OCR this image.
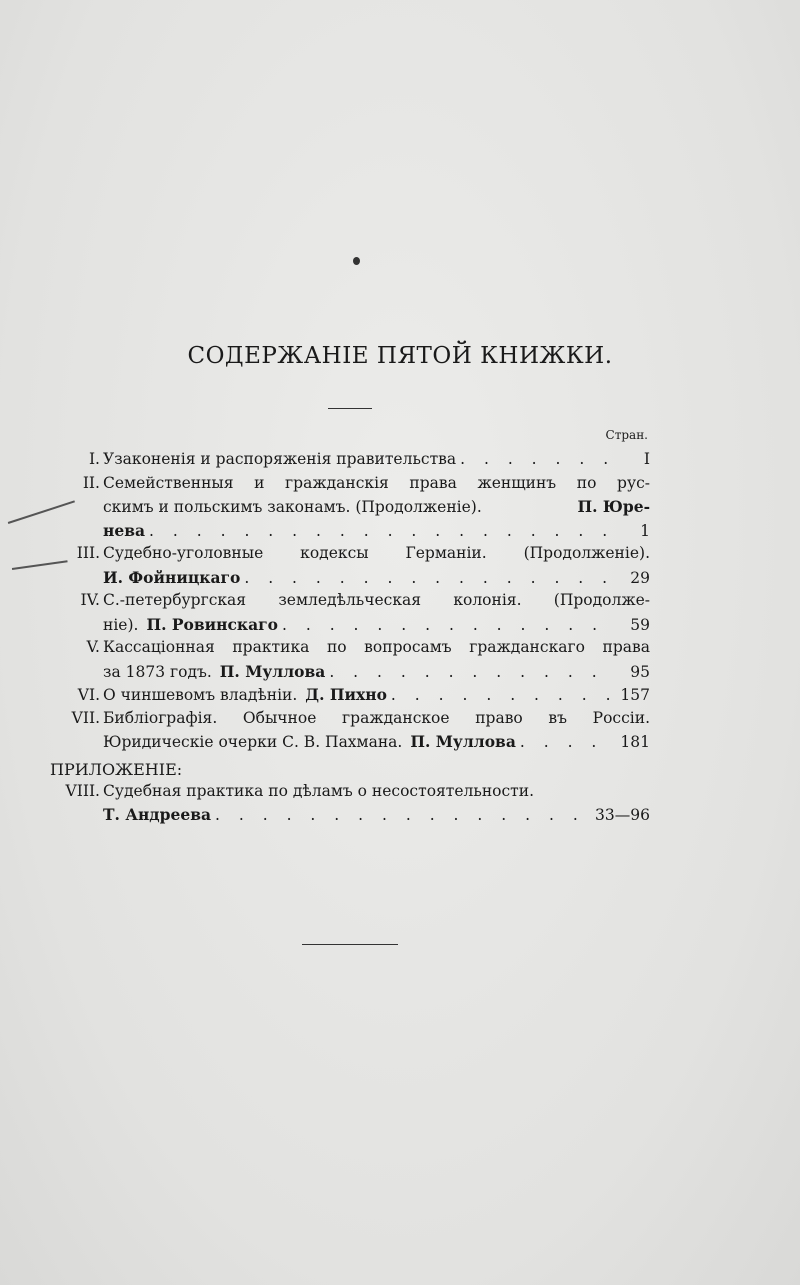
СОДЕРЖАНIЕ ПЯТОЙ КНИЖКИ.
Стран.
I. Узаконенія и распоряженія правительства . . .	I
II. Семейственныя и гражданскія права женщинъ по рус-
скимъ и польскимъ законамъ. (Продолженіе).	П. Юре-
нева . . .	1
III. Судебно-уголовные кодексы Германіи. (Продолженіе).
И. Фойницкаго . . .	29
IV. С.-петербургская земледѣльческая колонія. (Продолже-
ніе). П. Ровинскаго . . .	59
V. Кассаціонная практика по вопросамъ гражданскаго права
за 1873 годъ. П. Муллова . . .	95
VI. О чиншевомъ владѣніи. Д. Пихно . . .	157
VII. Библіографія. Обычное гражданское право въ Россіи.
Юридическіе очерки С. В. Пахмана. П. Муллова . . .	181
ПРИЛОЖЕНIЕ:
VIII. Судебная практика по дѣламъ о несостоятельности.
Т. Андреева . . .	33—96
